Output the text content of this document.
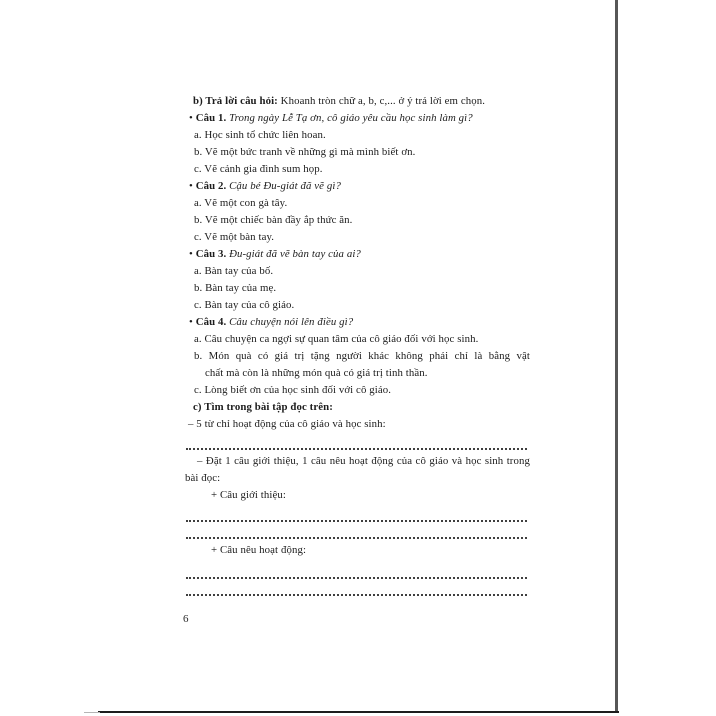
b) Trả lời câu hỏi: Khoanh tròn chữ a, b, c,... ở ý trả lời em chọn.
• Câu 1. Trong ngày Lễ Tạ ơn, cô giáo yêu cầu học sinh làm gì?
a. Học sinh tổ chức liên hoan.
b. Vẽ một bức tranh về những gì mà mình biết ơn.
c. Vẽ cảnh gia đình sum họp.
• Câu 2. Cậu bé Đu-giát đã vẽ gì?
a. Vẽ một con gà tây.
b. Vẽ một chiếc bàn đầy ắp thức ăn.
c. Vẽ một bàn tay.
• Câu 3. Đu-giát đã vẽ bàn tay của ai?
a. Bàn tay của bố.
b. Bàn tay của mẹ.
c. Bàn tay của cô giáo.
• Câu 4. Câu chuyện nói lên điều gì?
a. Câu chuyện ca ngợi sự quan tâm của cô giáo đối với học sinh.
b. Món quà có giá trị tặng người khác không phải chỉ là bằng vật
chất mà còn là những món quà có giá trị tinh thần.
c. Lòng biết ơn của học sinh đối với cô giáo.
c) Tìm trong bài tập đọc trên:
– 5 từ chỉ hoạt động của cô giáo và học sinh:
– Đặt 1 câu giới thiệu, 1 câu nêu hoạt động của cô giáo và học sinh trong
bài đọc:
+ Câu giới thiệu:
+ Câu nêu hoạt động:
6
